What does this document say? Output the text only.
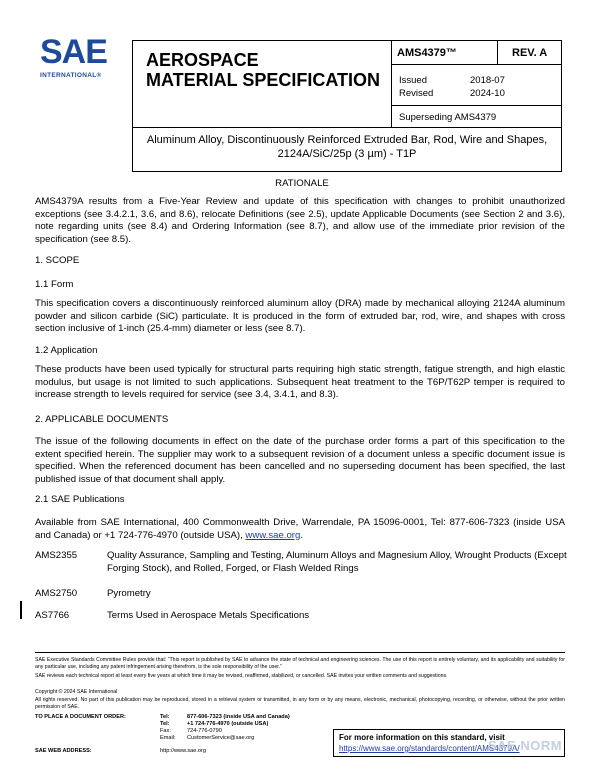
SAE
INTERNATIONAL®
AEROSPACE
MATERIAL SPECIFICATION
AMS4379™	REV. A
Issued	2018-07
Revised	2024-10
Superseding AMS4379
Aluminum Alloy, Discontinuously Reinforced Extruded Bar, Rod, Wire and Shapes,
2124A/SiC/25p (3 µm) - T1P
RATIONALE
AMS4379A results from a Five-Year Review and update of this specification with changes to prohibit unauthorized exceptions (see 3.4.2.1, 3.6, and 8.6), relocate Definitions (see 2.5), update Applicable Documents (see Section 2 and 3.6), note regarding units (see 8.4) and Ordering Information (see 8.7), and allow use of the immediate prior revision of the specification (see 8.5).
1. SCOPE
1.1 Form
This specification covers a discontinuously reinforced aluminum alloy (DRA) made by mechanical alloying 2124A aluminum powder and silicon carbide (SiC) particulate. It is produced in the form of extruded bar, rod, wire, and shapes with cross section inclusive of 1-inch (25.4-mm) diameter or less (see 8.7).
1.2 Application
These products have been used typically for structural parts requiring high static strength, fatigue strength, and high elastic modulus, but usage is not limited to such applications. Subsequent heat treatment to the T6P/T62P temper is required to increase strength to levels required for service (see 3.4, 3.4.1, and 8.3).
2. APPLICABLE DOCUMENTS
The issue of the following documents in effect on the date of the purchase order forms a part of this specification to the extent specified herein. The supplier may work to a subsequent revision of a document unless a specific document issue is specified. When the referenced document has been cancelled and no superseding document has been specified, the last published issue of that document shall apply.
2.1 SAE Publications
Available from SAE International, 400 Commonwealth Drive, Warrendale, PA 15096-0001, Tel: 877-606-7323 (inside USA and Canada) or +1 724-776-4970 (outside USA), www.sae.org.
AMS2355	Quality Assurance, Sampling and Testing, Aluminum Alloys and Magnesium Alloy, Wrought Products (Except Forging Stock), and Rolled, Forged, or Flash Welded Rings
AMS2750	Pyrometry
AS7766	Terms Used in Aerospace Metals Specifications
SAE Executive Standards Committee Rules provide that: “This report is published by SAE to advance the state of technical and engineering sciences. The use of this report is entirely voluntary, and its applicability and suitability for any particular use, including any patent infringement arising therefrom, is the sole responsibility of the user.”
SAE reviews each technical report at least every five years at which time it may be revised, reaffirmed, stabilized, or cancelled. SAE invites your written comments and suggestions.
Copyright © 2024 SAE International
All rights reserved. No part of this publication may be reproduced, stored in a retrieval system or transmitted, in any form or by any means, electronic, mechanical, photocopying, recording, or otherwise, without the prior written permission of SAE.
TO PLACE A DOCUMENT ORDER:	Tel:	877-606-7323 (inside USA and Canada)
Tel:	+1 724-776-4970 (outside USA)
Fax:	724-776-0790
Email: CustomerService@sae.org
SAE WEB ADDRESS:	http://www.sae.org
For more information on this standard, visit
https://www.sae.org/standards/content/AMS4379A/
SAE NORM
